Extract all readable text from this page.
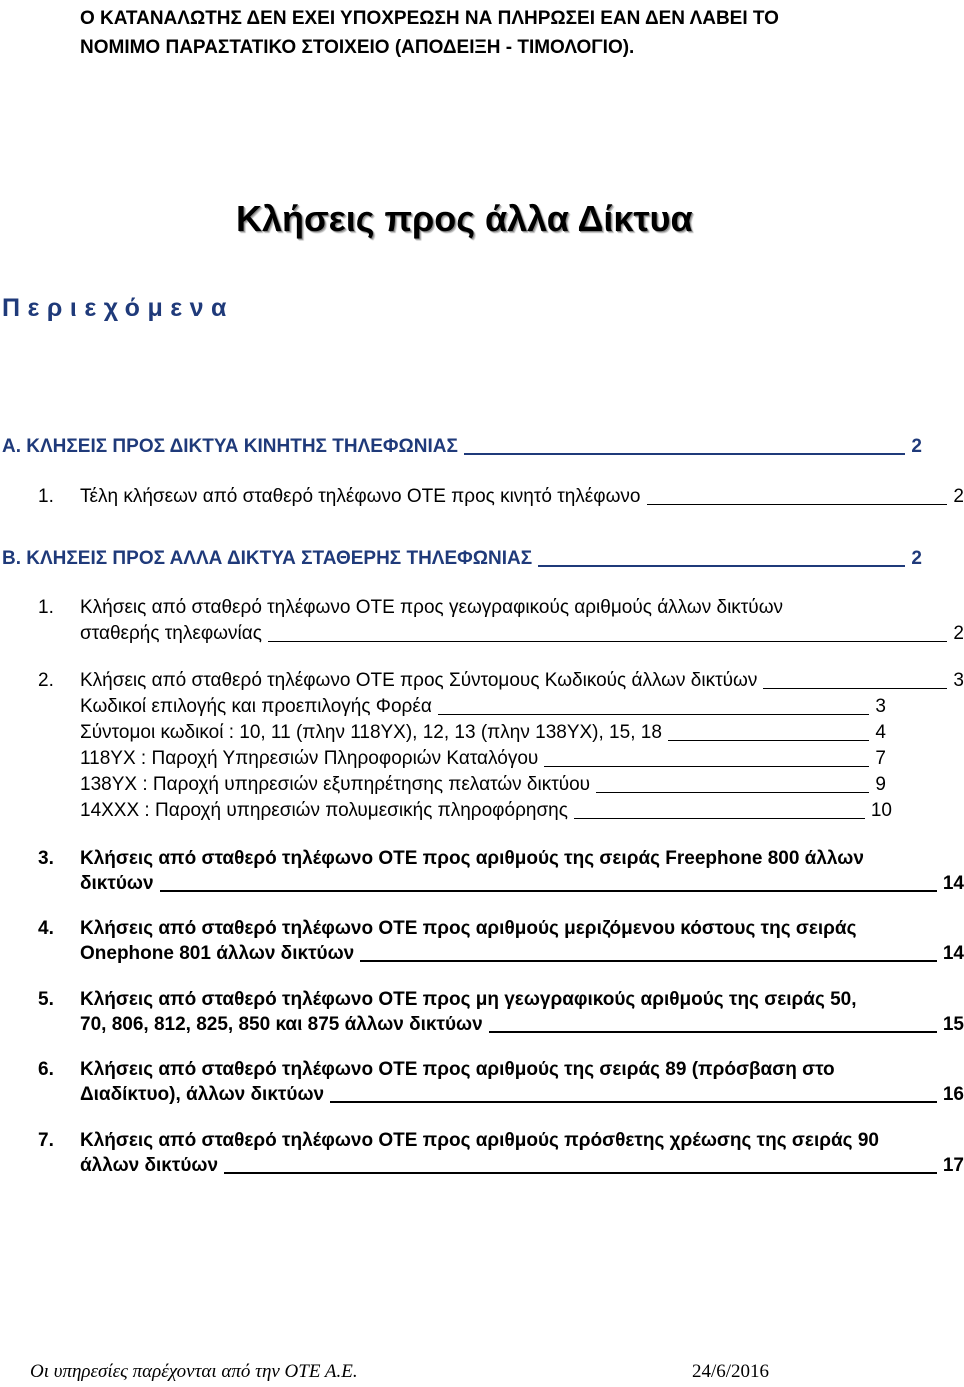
Ο ΚΑΤΑΝΑΛΩΤΗΣ ΔΕΝ ΕΧΕΙ ΥΠΟΧΡΕΩΣΗ ΝΑ ΠΛΗΡΩΣΕΙ ΕΑΝ ΔΕΝ ΛΑΒΕΙ ΤΟ
ΝΟΜΙΜΟ ΠΑΡΑΣΤΑΤΙΚΟ ΣΤΟΙΧΕΙΟ (ΑΠΟΔΕΙΞΗ - ΤΙΜΟΛΟΓΙΟ).
Κλήσεις προς άλλα Δίκτυα
Περιεχόμενα
Α. ΚΛΗΣΕΙΣ ΠΡΟΣ ΔΙΚΤΥΑ ΚΙΝΗΤΗΣ ΤΗΛΕΦΩΝΙΑΣ	2
1.	Τέλη κλήσεων από σταθερό τηλέφωνο ΟΤΕ προς κινητό τηλέφωνο	2
Β. ΚΛΗΣΕΙΣ ΠΡΟΣ ΑΛΛΑ ΔΙΚΤΥΑ ΣΤΑΘΕΡΗΣ ΤΗΛΕΦΩΝΙΑΣ	2
1. Κλήσεις από σταθερό τηλέφωνο ΟΤΕ προς γεωγραφικούς αριθμούς άλλων δικτύων
σταθερής τηλεφωνίας	2
2.	Κλήσεις από σταθερό τηλέφωνο ΟΤΕ προς Σύντομους Κωδικούς άλλων δικτύων	3
Κωδικοί επιλογής και προεπιλογής Φορέα	3
Σύντομοι κωδικοί : 10, 11 (πλην 118ΥΧ), 12, 13 (πλην 138ΥΧ), 15, 18	4
118ΥΧ : Παροχή Υπηρεσιών Πληροφοριών Καταλόγου	7
138ΥΧ : Παροχή υπηρεσιών εξυπηρέτησης πελατών δικτύου	9
14ΧΧΧ : Παροχή υπηρεσιών πολυμεσικής πληροφόρησης	10
3. Κλήσεις από σταθερό τηλέφωνο ΟΤΕ προς αριθμούς της σειράς Freephone 800 άλλων
δικτύων	14
4. Κλήσεις από σταθερό τηλέφωνο ΟΤΕ προς αριθμούς μεριζόμενου κόστους της σειράς
Onephone 801 άλλων δικτύων	14
5. Κλήσεις από σταθερό τηλέφωνο ΟΤΕ προς μη γεωγραφικούς αριθμούς της σειράς 50,
70, 806, 812, 825, 850 και 875 άλλων δικτύων	15
6. Κλήσεις από σταθερό τηλέφωνο ΟΤΕ προς αριθμούς της σειράς 89 (πρόσβαση στο
Διαδίκτυο), άλλων δικτύων	16
7. Κλήσεις από σταθερό τηλέφωνο ΟΤΕ προς αριθμούς πρόσθετης χρέωσης της σειράς 90
άλλων δικτύων	17
Οι υπηρεσίες παρέχονται από την ΟΤΕ Α.Ε.	24/6/2016
